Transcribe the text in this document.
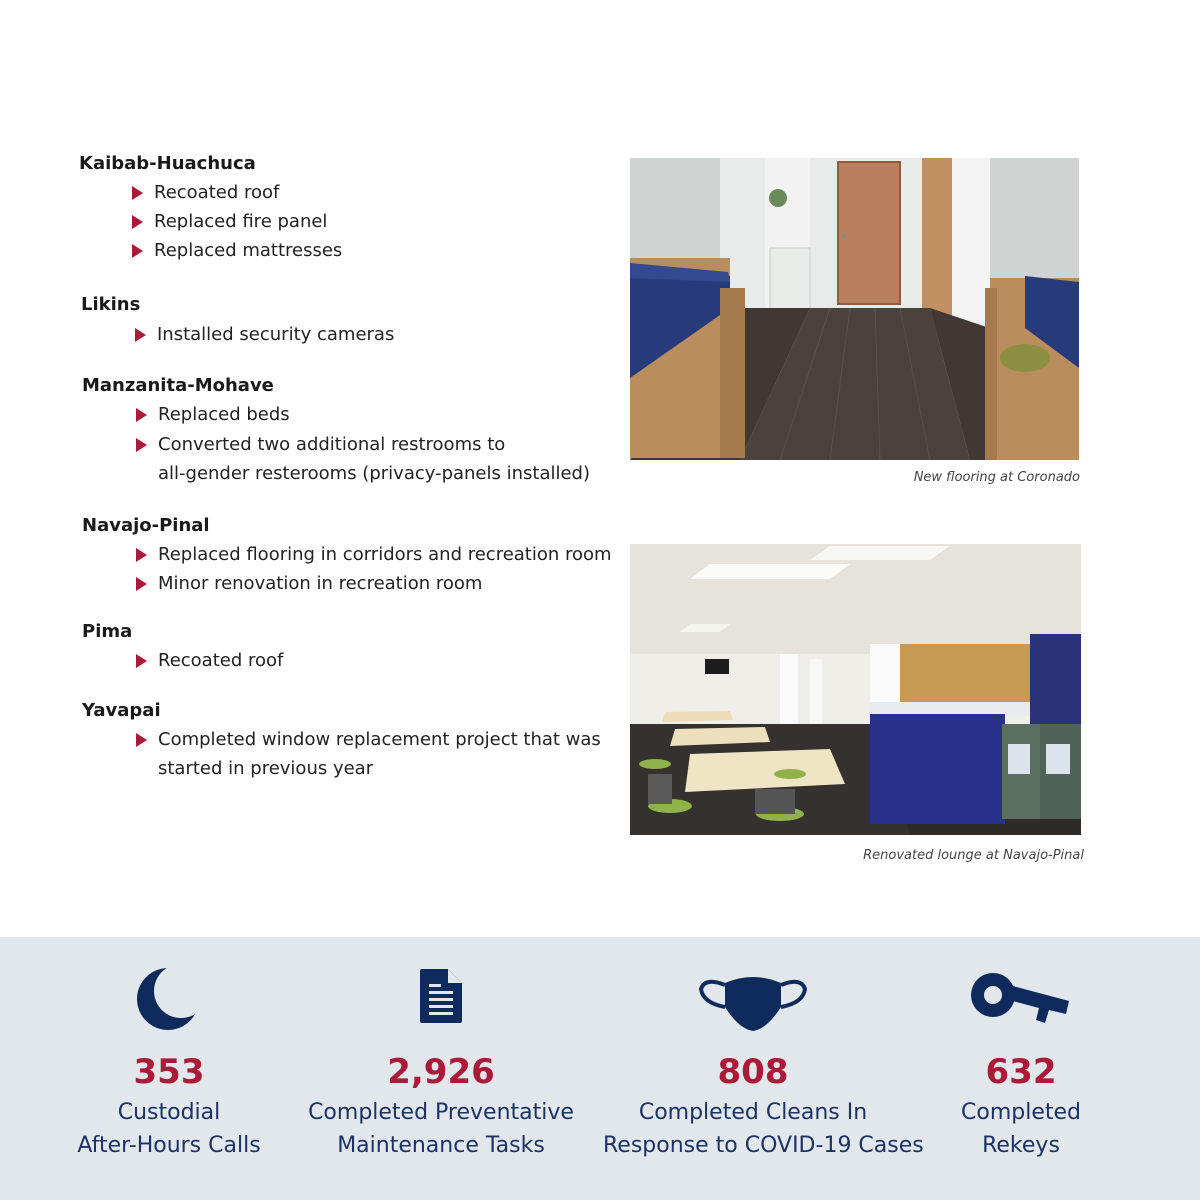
Kaibab-Huachuca
Recoated roof
Replaced fire panel
Replaced mattresses
Likins
Installed security cameras
Manzanita-Mohave
Replaced beds
Converted two additional restrooms to
all-gender resterooms (privacy-panels installed)
Navajo-Pinal
Replaced flooring in corridors and recreation room
Minor renovation in recreation room
Pima
Recoated roof
Yavapai
Completed window replacement project that was
started in previous year
New flooring at Coronado
Renovated lounge at Navajo-Pinal
353
Custodial
After-Hours Calls
2,926
Completed Preventative
Maintenance Tasks
808
Completed Cleans In
Response to COVID-19 Cases
632
Completed
Rekeys
